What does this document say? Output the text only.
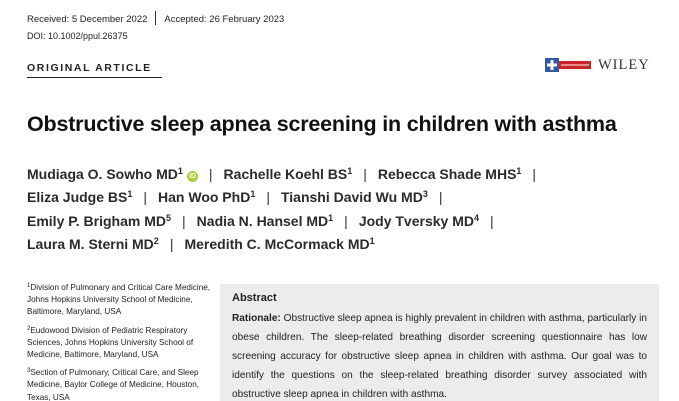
Received: 5 December 2022 Accepted: 26 February 2023
DOI: 10.1002/ppul.26375
ORIGINAL ARTICLE	WILEY
Obstructive sleep apnea screening in children with asthma
Mudiaga O. Sowho $MD^1iD$ | Rachelle Koehl $BS^1$ | Rebecca Shade MHS$^1$ |
Eliza Judge $BS^1$ | Han Woo PhD$^1$ | Tianshi David Wu $MD^3$ |
Emily P. Brigham $MD^5$ | Nadia N. Hansel $MD^1$ | Jody Tversky $MD^4$ |
Laura M. Sterni $MD^2$ | Meredith C. McCormack $MD^1$
$^1$Division of Pulmonary and Critical Care Medicine, Johns Hopkins University School of Medicine, Baltimore, Maryland, USA
$^2$Eudowood Division of Pediatric Respiratory Sciences, Johns Hopkins University School of Medicine, Baltimore, Maryland, USA
$^3$Section of Pulmonary, Critical Care, and Sleep Medicine, Baylor College of Medicine, Houston, Texas, USA
Abstract

Rationale: Obstructive sleep apnea is highly prevalent in children with asthma, particularly in obese children. The sleep-related breathing disorder screening questionnaire has low screening accuracy for obstructive sleep apnea in children with asthma. Our goal was to identify the questions on the sleep-related breathing disorder survey associated with obstructive sleep apnea in children with asthma.
